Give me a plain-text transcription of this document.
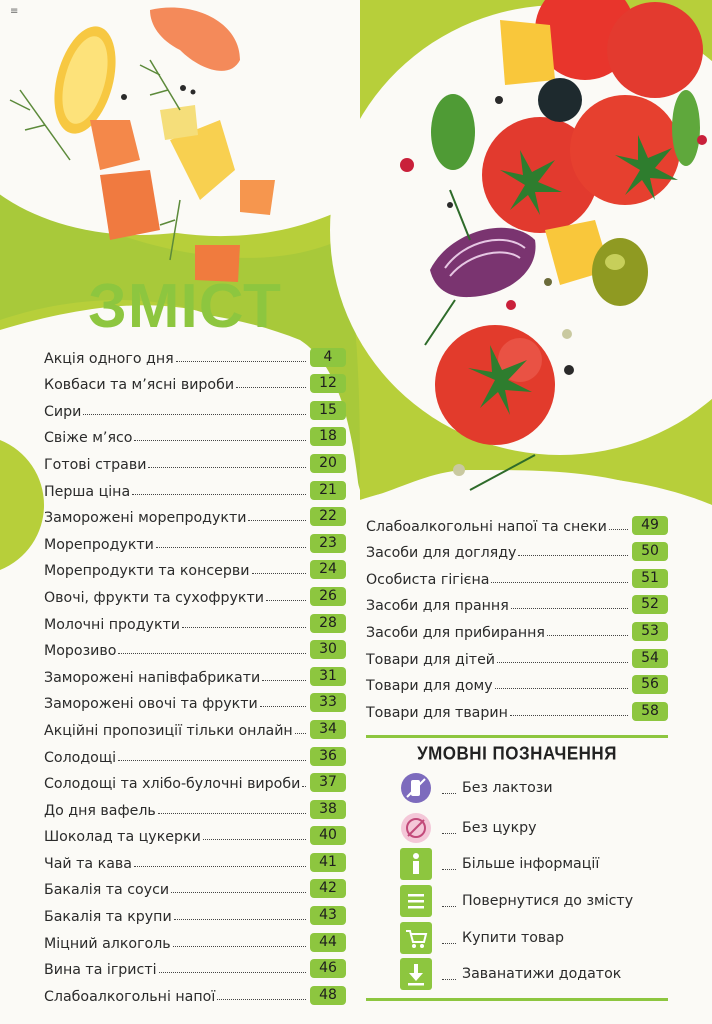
≡
ЗМІСТ
Акція одного дня	4
Ковбаси та м’ясні вироби	12
Сири	15
Свіже м’ясо	18
Готові страви	20
Перша ціна	21
Заморожені морепродукти	22
Морепродукти	23
Морепродукти та консерви	24
Овочі, фрукти та сухофрукти	26
Молочні продукти	28
Морозиво	30
Заморожені напівфабрикати	31
Заморожені овочі та фрукти	33
Акційні пропозиції тільки онлайн	34
Солодощі	36
Солодощі та хлібо-булочні вироби	37
До дня вафель	38
Шоколад та цукерки	40
Чай та кава	41
Бакалія та соуси	42
Бакалія та крупи	43
Міцний алкоголь	44
Вина та ігристі	46
Слабоалкогольні напої	48
Слабоалкогольні напої та снеки	49
Засоби для догляду	50
Особиста гігієна	51
Засоби для прання	52
Засоби для прибирання	53
Товари для дітей	54
Товари для дому	56
Товари для тварин	58
УМОВНІ ПОЗНАЧЕННЯ
Без лактози
Без цукру
Більше інформації
Повернутися до змісту
Купити товар
Заванатижи додаток
